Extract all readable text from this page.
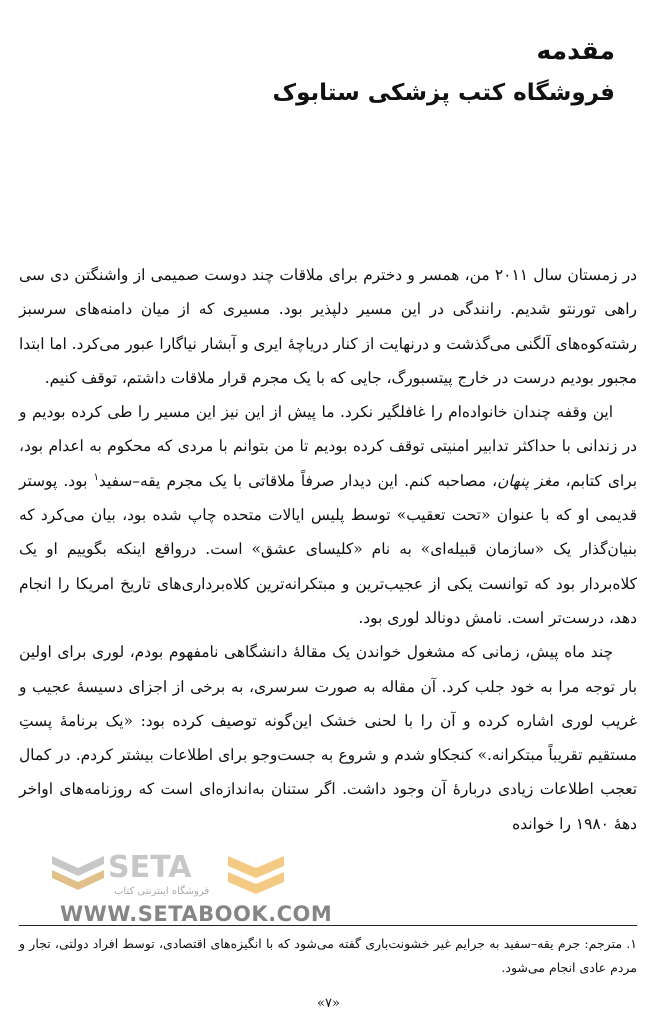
مقدمه
فروشگاه کتب پزشکی ستابوک

در زمستان سال ۲۰۱۱ من، همسر و دخترم برای ملاقات چند دوست صمیمی از واشنگتن دی سی راهی تورنتو شدیم. رانندگی در این مسیر دلپذیر بود. مسیری که از میان دامنه‌های سرسبز رشته‌کوه‌های آلگنی می‌گذشت و درنهایت از کنار دریاچهٔ ایری و آبشار نیاگارا عبور می‌کرد. اما ابتدا مجبور بودیم درست در خارج پیتسبورگ، جایی که با یک مجرم قرار ملاقات داشتم، توقف کنیم.

این وقفه چندان خانواده‌ام را غافلگیر نکرد. ما پیش از این نیز این مسیر را طی کرده بودیم و در زندانی با حداکثر تدابیر امنیتی توقف کرده بودیم تا من بتوانم با مردی که محکوم به اعدام بود، برای کتابم، مغز پنهان، مصاحبه کنم. این دیدار صرفاً ملاقاتی با یک مجرم یقه‌–سفید$^۱$ بود. پوستر قدیمی او که با عنوان «تحت تعقیب» توسط پلیس ایالات متحده چاپ شده بود، بیان می‌کرد که بنیان‌گذار یک «سازمان قبیله‌ای» به نام «کلیسای عشق» است. درواقع اینکه بگوییم او یک کلاه‌بردار بود که توانست یکی از عجیب‌ترین و مبتکرانه‌ترین کلاه‌برداری‌های تاریخ امریکا را انجام دهد، درست‌تر است. نامش دونالد لوری بود.

چند ماه پیش، زمانی که مشغول خواندن یک مقالهٔ دانشگاهی نامفهوم بودم، لوری برای اولین بار توجه مرا به خود جلب کرد. آن مقاله به صورت سرسری، به برخی از اجزای دسیسهٔ عجیب و غریب لوری اشاره کرده و آن را با لحنی خشک این‌گونه توصیف کرده بود: «یک برنامهٔ پستِ مستقیم تقریباً مبتکرانه.» کنجکاو شدم و شروع به جست‌وجو برای اطلاعات بیشتر کردم. در کمال تعجب اطلاعات زیادی دربارهٔ آن وجود داشت. اگر ستنان به‌اندازه‌ای است که روزنامه‌های اواخر دههٔ ۱۹۸۰ را خوانده

۱. مترجم: جرم یقه–سفید به جرایم غیر خشونت‌باری گفته می‌شود که با انگیزه‌های اقتصادی، توسط افراد دولتی، تجار و مردم عادی انجام می‌شود.
«۷»
SETA
فروشگاه اینترنتی کتاب
WWW.SETABOOK.COM
